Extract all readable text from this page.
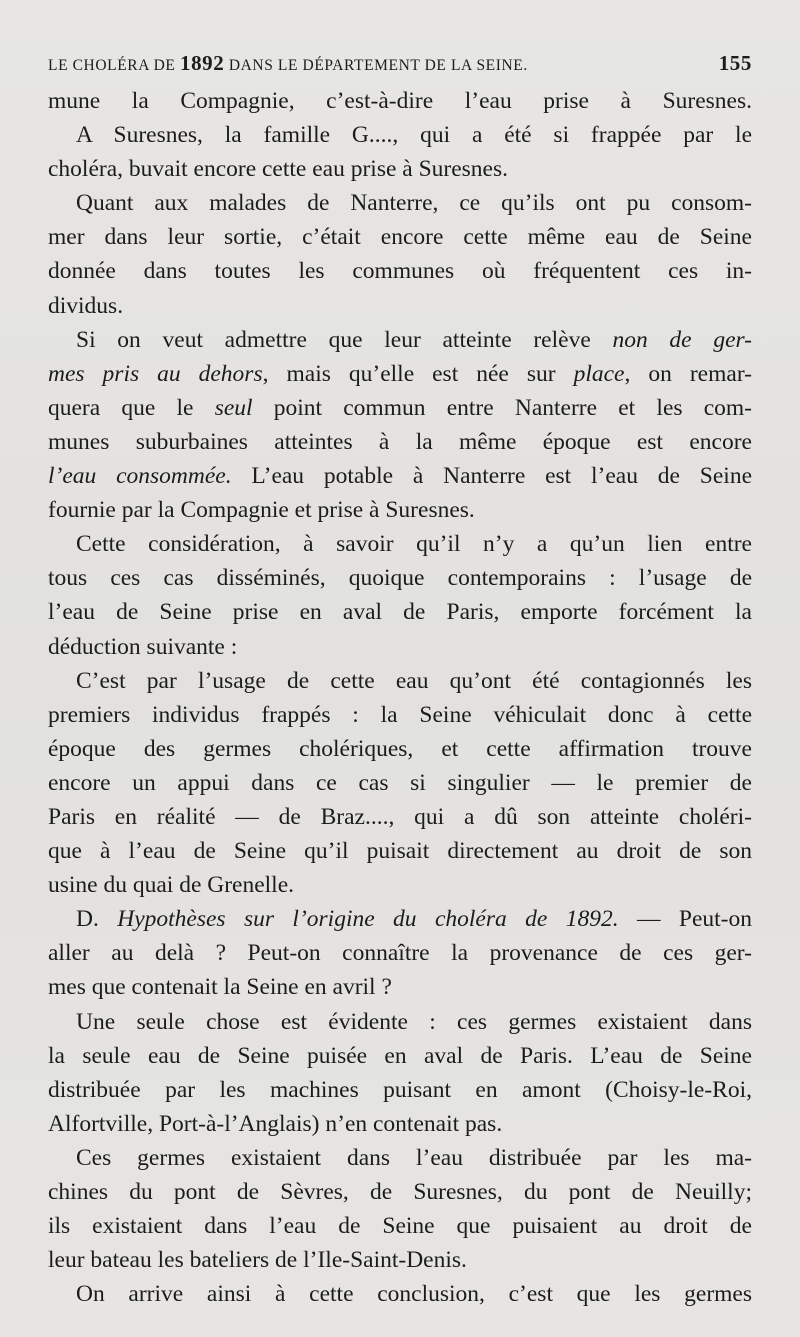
LE CHOLÉRA DE 1892 DANS LE DÉPARTEMENT DE LA SEINE.	155
mune la Compagnie, c’est-à-dire l’eau prise à Suresnes.
A Suresnes, la famille G...., qui a été si frappée par le
choléra, buvait encore cette eau prise à Suresnes.
Quant aux malades de Nanterre, ce qu’ils ont pu consom-
mer dans leur sortie, c’était encore cette même eau de Seine
donnée dans toutes les communes où fréquentent ces in-
dividus.
Si on veut admettre que leur atteinte relève non de ger-
mes pris au dehors, mais qu’elle est née sur place, on remar-
quera que le seul point commun entre Nanterre et les com-
munes suburbaines atteintes à la même époque est encore
l’eau consommée. L’eau potable à Nanterre est l’eau de Seine
fournie par la Compagnie et prise à Suresnes.
Cette considération, à savoir qu’il n’y a qu’un lien entre
tous ces cas disséminés, quoique contemporains : l’usage de
l’eau de Seine prise en aval de Paris, emporte forcément la
déduction suivante :
C’est par l’usage de cette eau qu’ont été contagionnés les
premiers individus frappés : la Seine véhiculait donc à cette
époque des germes cholériques, et cette affirmation trouve
encore un appui dans ce cas si singulier — le premier de
Paris en réalité — de Braz...., qui a dû son atteinte choléri-
que à l’eau de Seine qu’il puisait directement au droit de son
usine du quai de Grenelle.
D. Hypothèses sur l’origine du choléra de 1892. — Peut-on
aller au delà ? Peut-on connaître la provenance de ces ger-
mes que contenait la Seine en avril ?
Une seule chose est évidente : ces germes existaient dans
la seule eau de Seine puisée en aval de Paris. L’eau de Seine
distribuée par les machines puisant en amont (Choisy-le-Roi,
Alfortville, Port-à-l’Anglais) n’en contenait pas.
Ces germes existaient dans l’eau distribuée par les ma-
chines du pont de Sèvres, de Suresnes, du pont de Neuilly;
ils existaient dans l’eau de Seine que puisaient au droit de
leur bateau les bateliers de l’Ile-Saint-Denis.
On arrive ainsi à cette conclusion, c’est que les germes
